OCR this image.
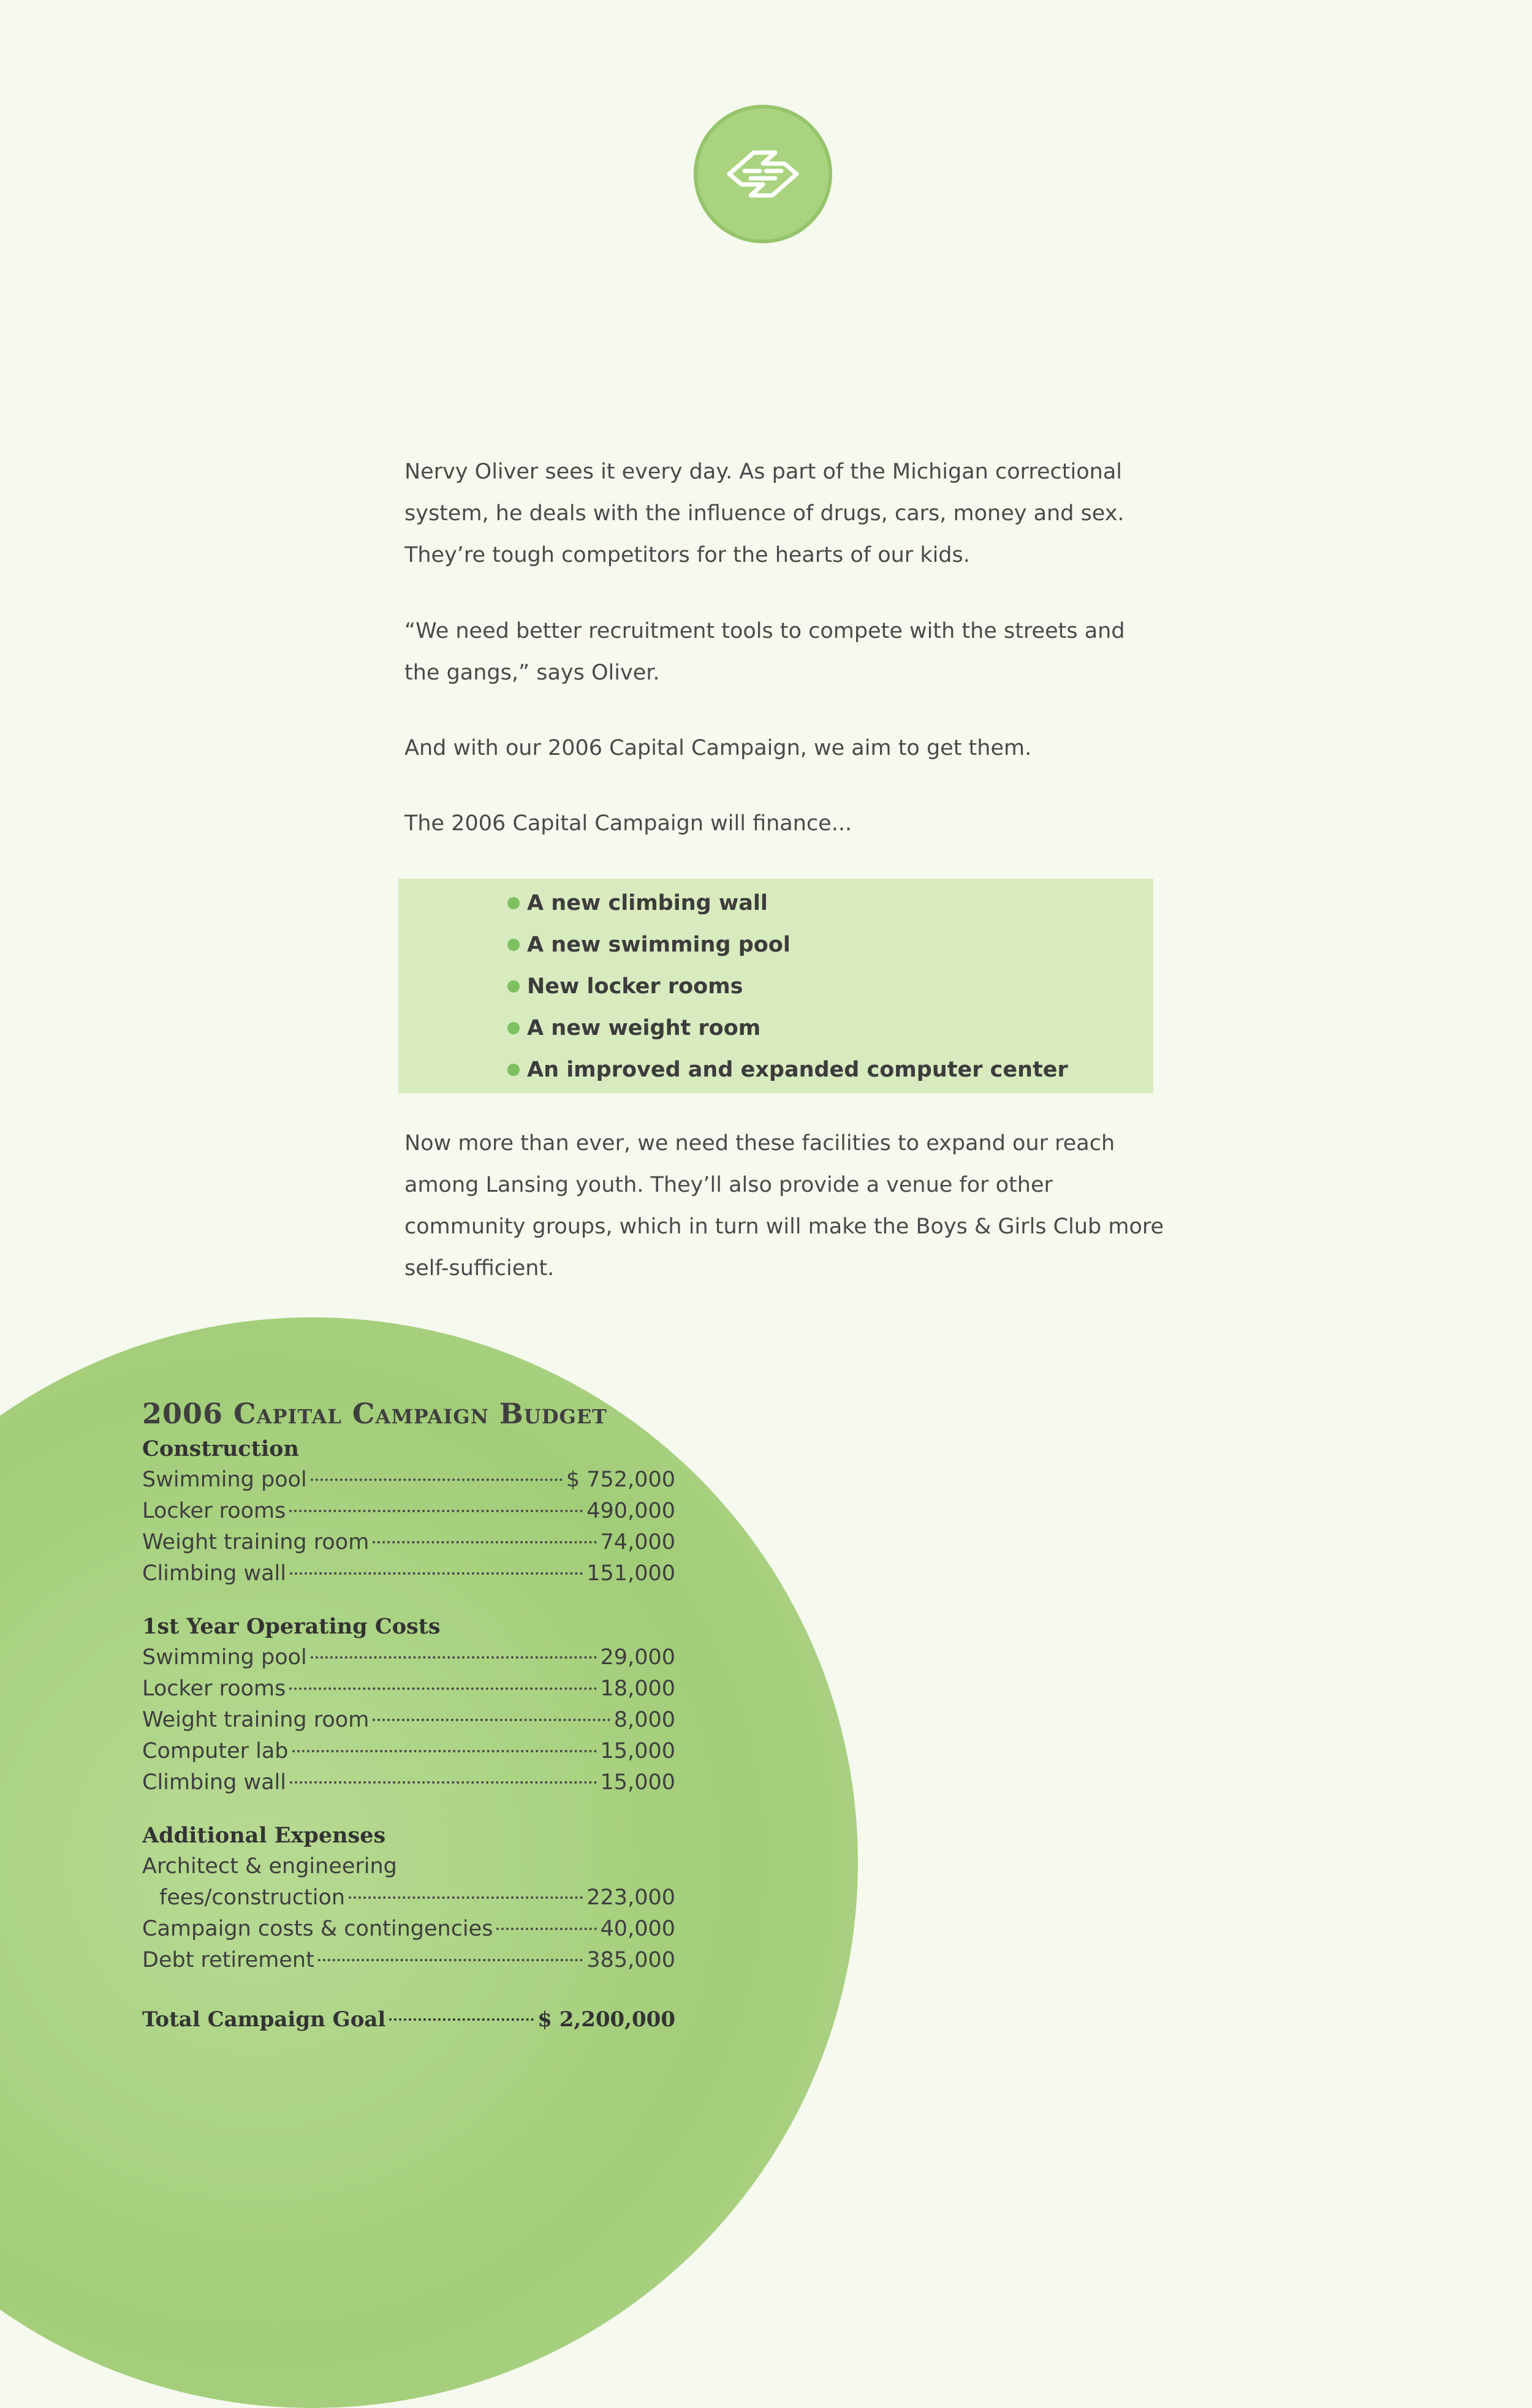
Nervy Oliver sees it every day. As part of the Michigan correctional system, he deals with the influence of drugs, cars, money and sex. They’re tough competitors for the hearts of our kids.

“We need better recruitment tools to compete with the streets and the gangs,” says Oliver.

And with our 2006 Capital Campaign, we aim to get them.

The 2006 Capital Campaign will finance...

A new climbing wall
A new swimming pool
New locker rooms
A new weight room
An improved and expanded computer center

Now more than ever, we need these facilities to expand our reach among Lansing youth. They’ll also provide a venue for other community groups, which in turn will make the Boys & Girls Club more self-sufficient.

2006 Capital Campaign Budget
Construction
Swimming pool	$ 752,000
Locker rooms	490,000
Weight training room	74,000
Climbing wall	151,000
1st Year Operating Costs
Swimming pool	29,000
Locker rooms	18,000
Weight training room	8,000
Computer lab	15,000
Climbing wall	15,000
Additional Expenses
Architect & engineering
fees/construction	223,000
Campaign costs & contingencies	40,000
Debt retirement	385,000
Total Campaign Goal	$ 2,200,000
